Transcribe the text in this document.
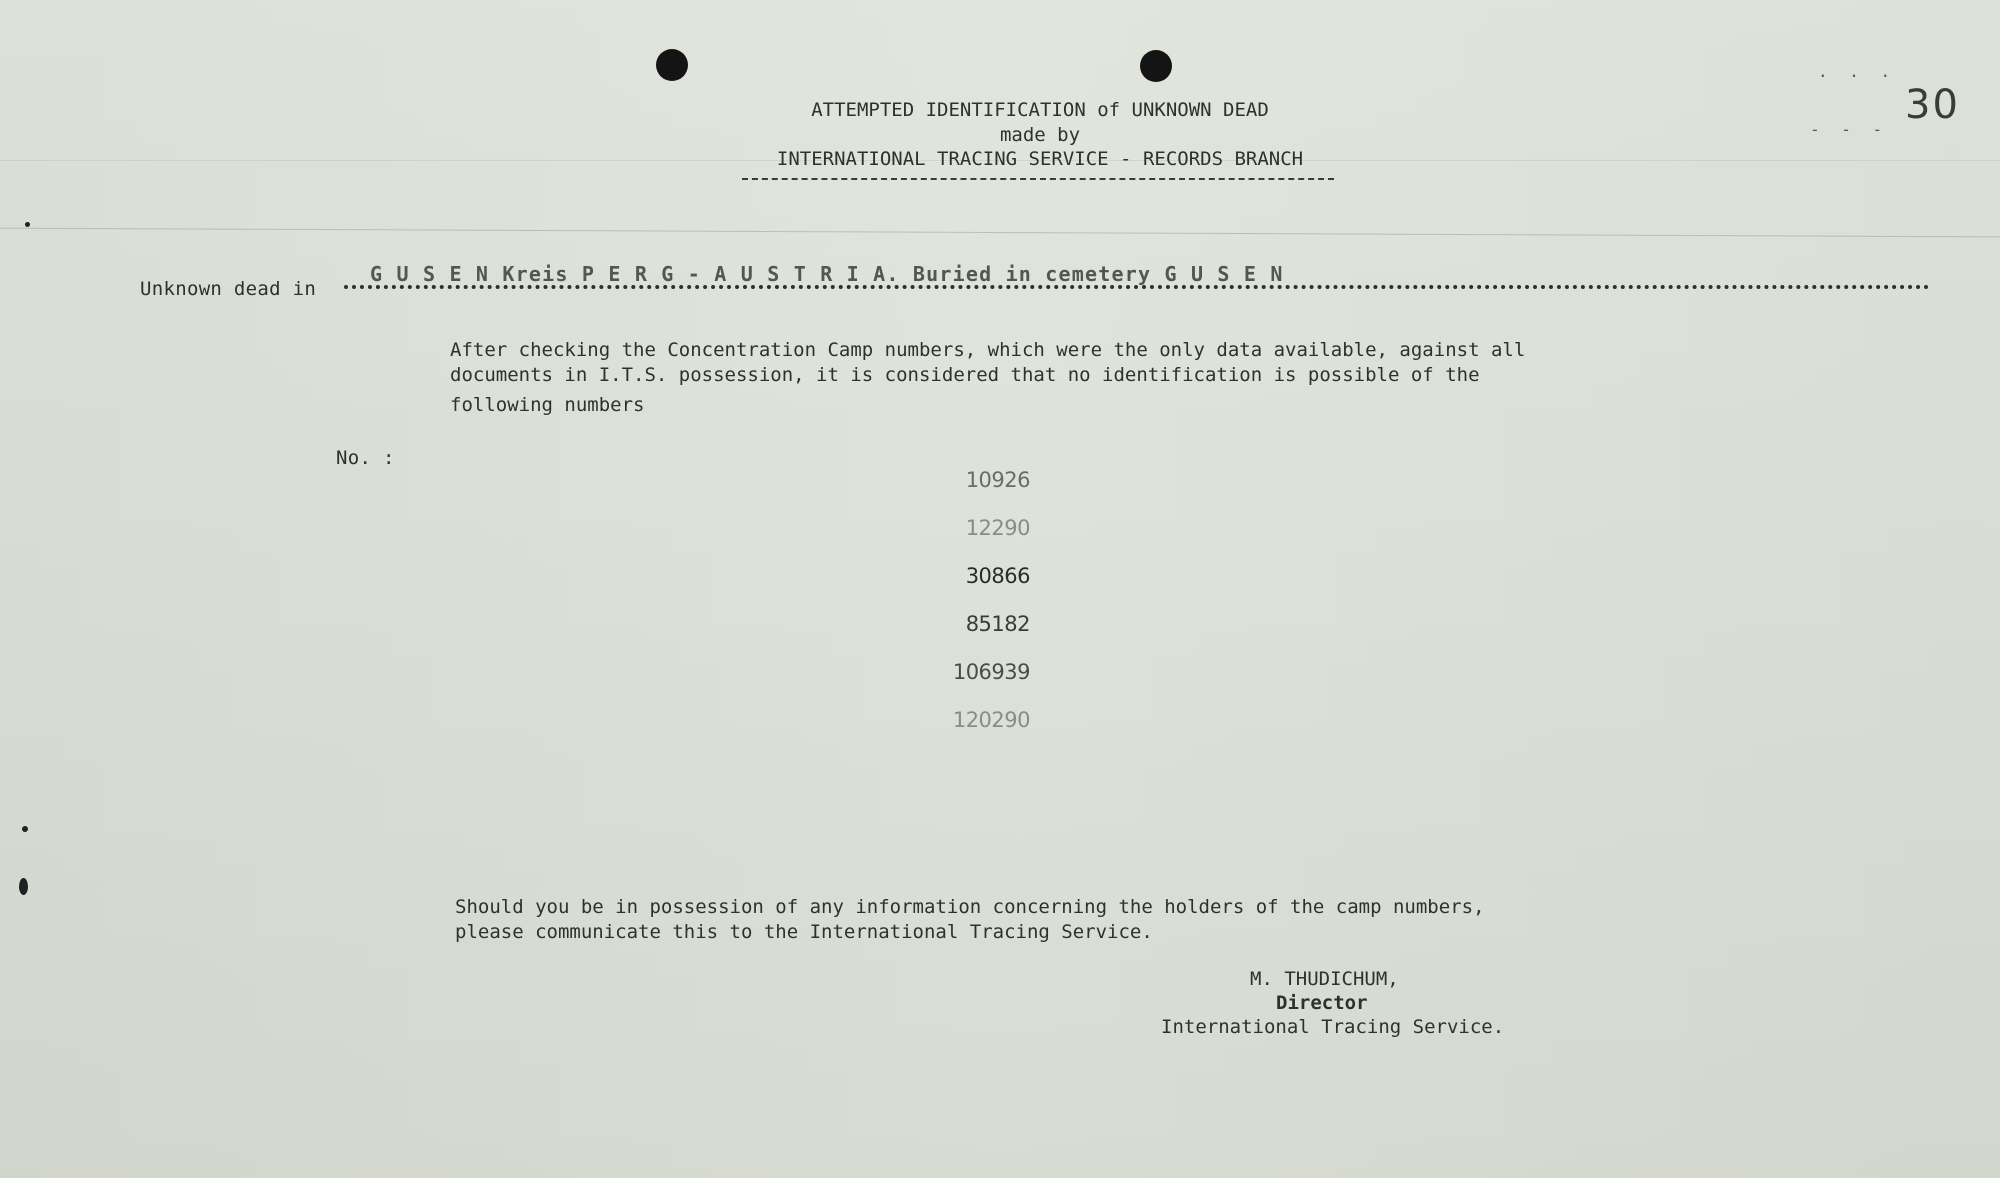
. . .
- - -
30
ATTEMPTED IDENTIFICATION of UNKNOWN DEAD
made by
INTERNATIONAL TRACING SERVICE - RECORDS BRANCH
Unknown dead in
G U S E N Kreis P E R G - A U S T R I A. Buried in cemetery G U S E N
After checking the Concentration Camp numbers, which were the only data available, against all
documents in I.T.S. possession, it is considered that no identification is possible of the
following numbers
No. :
10926
12290
30866
85182
106939
120290
Should you be in possession of any information concerning the holders of the camp numbers,
please communicate this to the International Tracing Service.
M. THUDICHUM,
Director
International Tracing Service.
